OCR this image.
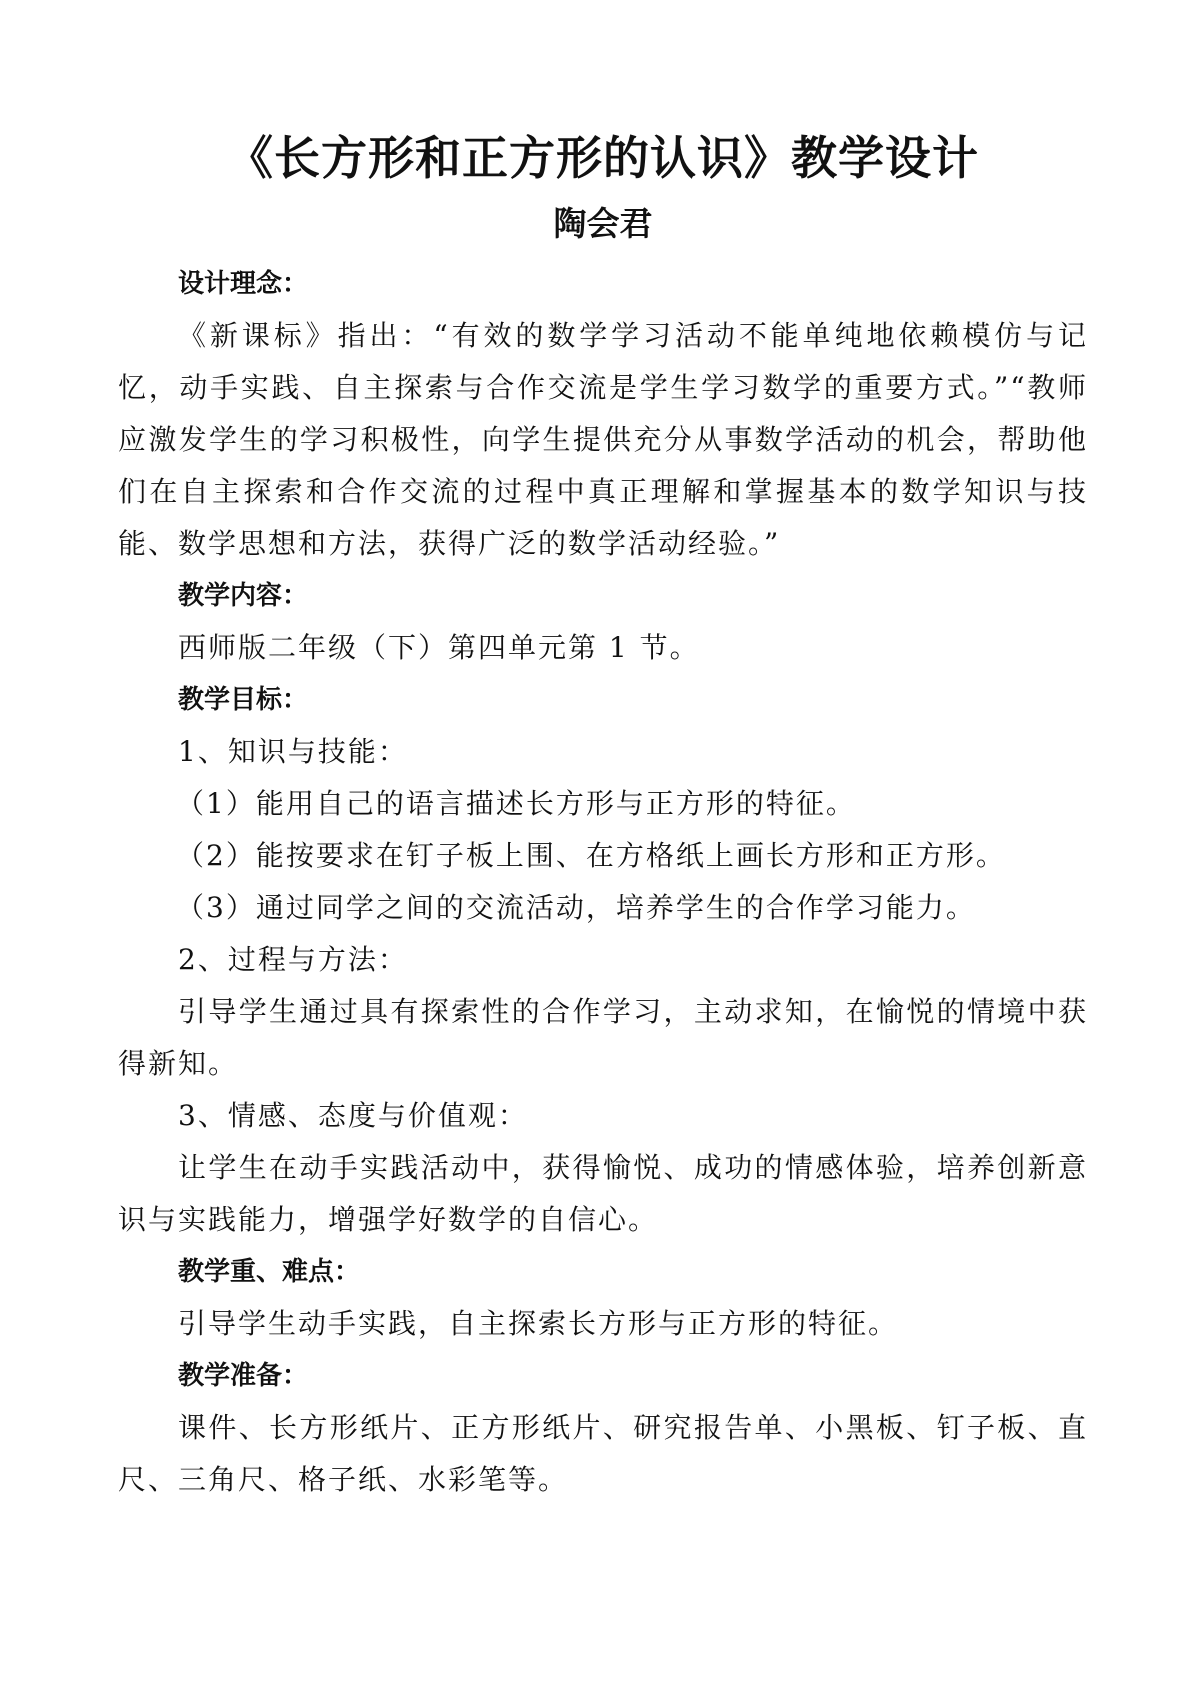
《长方形和正方形的认识》教学设计
陶会君
设计理念：

《新课标》指出：“有效的数学学习活动不能单纯地依赖模仿与记忆，动手实践、自主探索与合作交流是学生学习数学的重要方式。”“教师应激发学生的学习积极性，向学生提供充分从事数学活动的机会，帮助他们在自主探索和合作交流的过程中真正理解和掌握基本的数学知识与技能、数学思想和方法，获得广泛的数学活动经验。”

教学内容：

西师版二年级（下）第四单元第 1 节。

教学目标：

1、知识与技能：

（1）能用自己的语言描述长方形与正方形的特征。

（2）能按要求在钉子板上围、在方格纸上画长方形和正方形。

（3）通过同学之间的交流活动，培养学生的合作学习能力。

2、过程与方法：

引导学生通过具有探索性的合作学习，主动求知，在愉悦的情境中获得新知。

3、情感、态度与价值观：

让学生在动手实践活动中，获得愉悦、成功的情感体验，培养创新意识与实践能力，增强学好数学的自信心。

教学重、难点：

引导学生动手实践，自主探索长方形与正方形的特征。

教学准备：

课件、长方形纸片、正方形纸片、研究报告单、小黑板、钉子板、直尺、三角尺、格子纸、水彩笔等。
